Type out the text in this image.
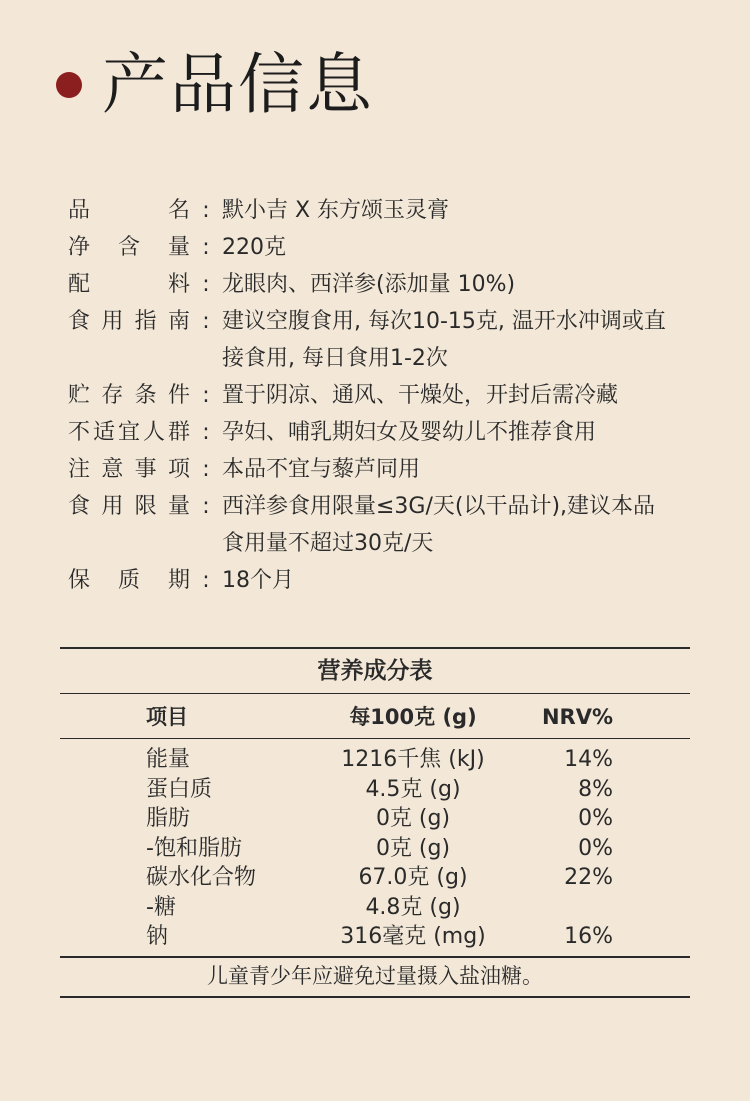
产品信息
品名 : 默小吉 X 东方颂玉灵膏
净含量 : 220克
配料 : 龙眼肉、西洋参(添加量 10%)
食用指南 : 建议空腹食用, 每次10-15克, 温开水冲调或直
接食用, 每日食用1-2次
贮存条件 : 置于阴凉、通风、干燥处，开封后需冷藏
不适宜人群 : 孕妇、哺乳期妇女及婴幼儿不推荐食用
注意事项 : 本品不宜与藜芦同用
食用限量 : 西洋参食用限量≤3G/天(以干品计),建议本品
食用量不超过30克/天
保质期 : 18个月
营养成分表
项目	每100克 (g)	NRV%
能量	1216千焦 (kJ)	14%
蛋白质	4.5克 (g)	8%
脂肪	0克 (g)	0%
-饱和脂肪	0克 (g)	0%
碳水化合物	67.0克 (g)	22%
-糖	4.8克 (g)
钠	316毫克 (mg)	16%
儿童青少年应避免过量摄入盐油糖。
